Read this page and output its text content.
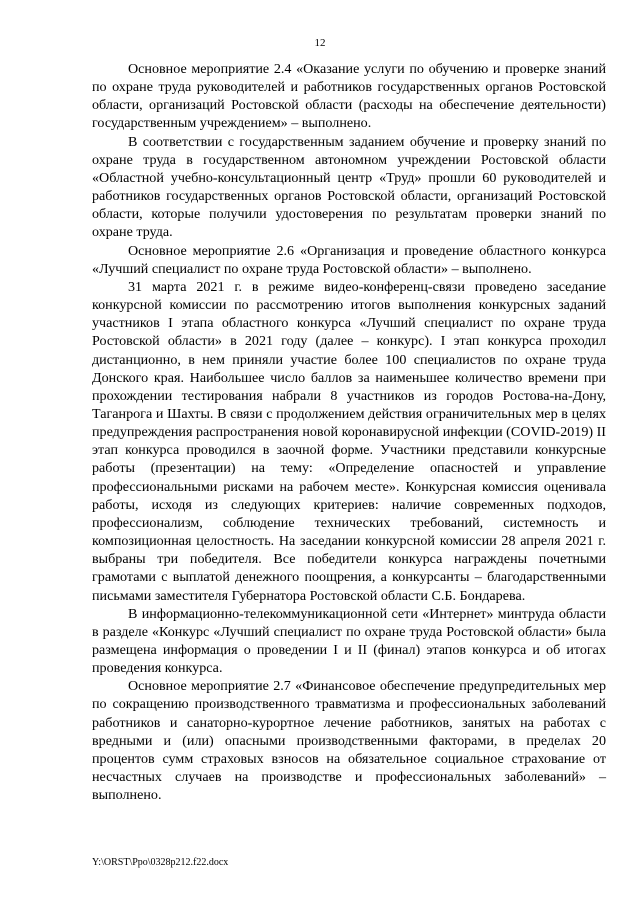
12

Основное мероприятие 2.4 «Оказание услуги по обучению и проверке знаний по охране труда руководителей и работников государственных органов Ростовской области, организаций Ростовской области (расходы на обеспечение деятельности) государственным учреждением» – выполнено.

В соответствии с государственным заданием обучение и проверку знаний по охране труда в государственном автономном учреждении Ростовской области «Областной учебно-консультационный центр «Труд» прошли 60 руководителей и работников государственных органов Ростовской области, организаций Ростовской области, которые получили удостоверения по результатам проверки знаний по охране труда.

Основное мероприятие 2.6 «Организация и проведение областного конкурса «Лучший специалист по охране труда Ростовской области» – выполнено.

31 марта 2021 г. в режиме видео-конференц-связи проведено заседание конкурсной комиссии по рассмотрению итогов выполнения конкурсных заданий участников I этапа областного конкурса «Лучший специалист по охране труда Ростовской области» в 2021 году (далее – конкурс). I этап конкурса проходил дистанционно, в нем приняли участие более 100 специалистов по охране труда Донского края. Наибольшее число баллов за наименьшее количество времени при прохождении тестирования набрали 8 участников из городов Ростова-на-Дону, Таганрога и Шахты. В связи с продолжением действия ограничительных мер в целях предупреждения распространения новой коронавирусной инфекции (COVID-2019) II этап конкурса проводился в заочной форме. Участники представили конкурсные работы (презентации) на тему: «Определение опасностей и управление профессиональными рисками на рабочем месте». Конкурсная комиссия оценивала работы, исходя из следующих критериев: наличие современных подходов, профессионализм, соблюдение технических требований, системность и композиционная целостность. На заседании конкурсной комиссии 28 апреля 2021 г. выбраны три победителя. Все победители конкурса награждены почетными грамотами с выплатой денежного поощрения, а конкурсанты – благодарственными письмами заместителя Губернатора Ростовской области С.Б. Бондарева.

В информационно-телекоммуникационной сети «Интернет» минтруда области в разделе «Конкурс «Лучший специалист по охране труда Ростовской области» была размещена информация о проведении I и II (финал) этапов конкурса и об итогах проведения конкурса.

Основное мероприятие 2.7 «Финансовое обеспечение предупредительных мер по сокращению производственного травматизма и профессиональных заболеваний работников и санаторно-курортное лечение работников, занятых на работах с вредными и (или) опасными производственными факторами, в пределах 20 процентов сумм страховых взносов на обязательное социальное страхование от несчастных случаев на производстве и профессиональных заболеваний» – выполнено.

Y:\ORST\Ppo\0328p212.f22.docx
